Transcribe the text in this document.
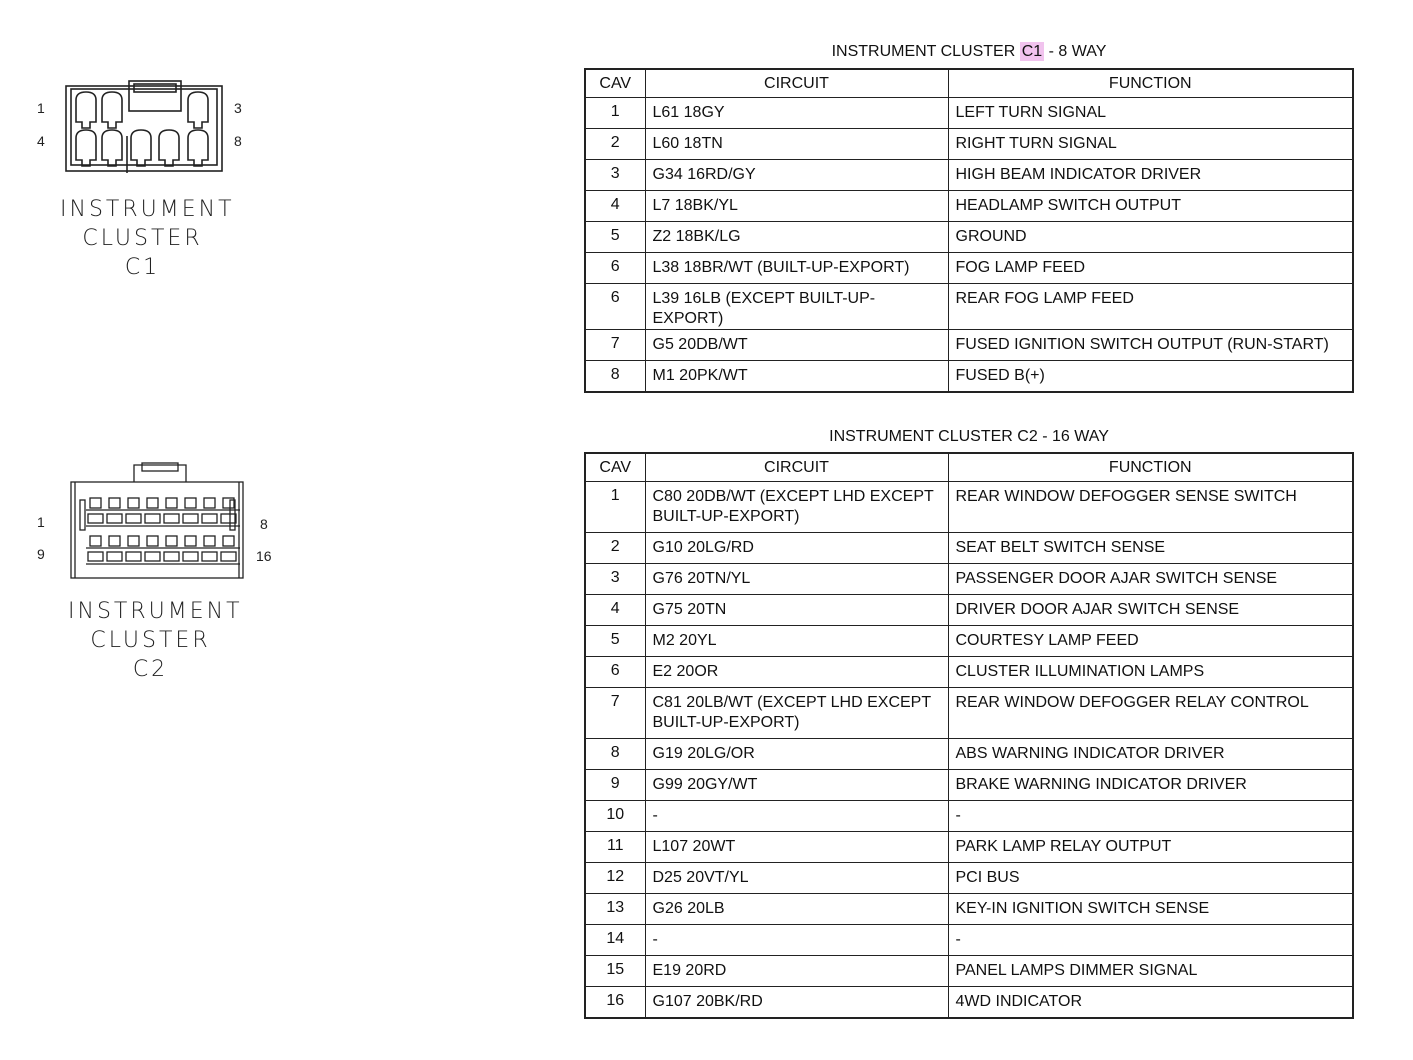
1	3
4	8
INSTRUMENT
CLUSTER C1
1	8
9	16
INSTRUMENT
CLUSTER C2
INSTRUMENT CLUSTER C1 - 8 WAY
CAV	CIRCUIT	FUNCTION
1	L61 18GY	LEFT TURN SIGNAL
2	L60 18TN	RIGHT TURN SIGNAL
3	G34 16RD/GY	HIGH BEAM INDICATOR DRIVER
4	L7 18BK/YL	HEADLAMP SWITCH OUTPUT
5	Z2 18BK/LG	GROUND
6	L38 18BR/WT (BUILT-UP-EXPORT)	FOG LAMP FEED
6	L39 16LB (EXCEPT BUILT-UP-EXPORT)	REAR FOG LAMP FEED
7	G5 20DB/WT	FUSED IGNITION SWITCH OUTPUT (RUN-START)
8	M1 20PK/WT	FUSED B(+)
INSTRUMENT CLUSTER C2 - 16 WAY
CAV	CIRCUIT	FUNCTION
1	C80 20DB/WT (EXCEPT LHD EXCEPT
BUILT-UP-EXPORT)	REAR WINDOW DEFOGGER SENSE SWITCH
2	G10 20LG/RD	SEAT BELT SWITCH SENSE
3	G76 20TN/YL	PASSENGER DOOR AJAR SWITCH SENSE
4	G75 20TN	DRIVER DOOR AJAR SWITCH SENSE
5	M2 20YL	COURTESY LAMP FEED
6	E2 20OR	CLUSTER ILLUMINATION LAMPS
7	C81 20LB/WT (EXCEPT LHD EXCEPT
BUILT-UP-EXPORT)	REAR WINDOW DEFOGGER RELAY CONTROL
8	G19 20LG/OR	ABS WARNING INDICATOR DRIVER
9	G99 20GY/WT	BRAKE WARNING INDICATOR DRIVER
10	-	-
11	L107 20WT	PARK LAMP RELAY OUTPUT
12	D25 20VT/YL	PCI BUS
13	G26 20LB	KEY-IN IGNITION SWITCH SENSE
14	-	-
15	E19 20RD	PANEL LAMPS DIMMER SIGNAL
16	G107 20BK/RD	4WD INDICATOR
